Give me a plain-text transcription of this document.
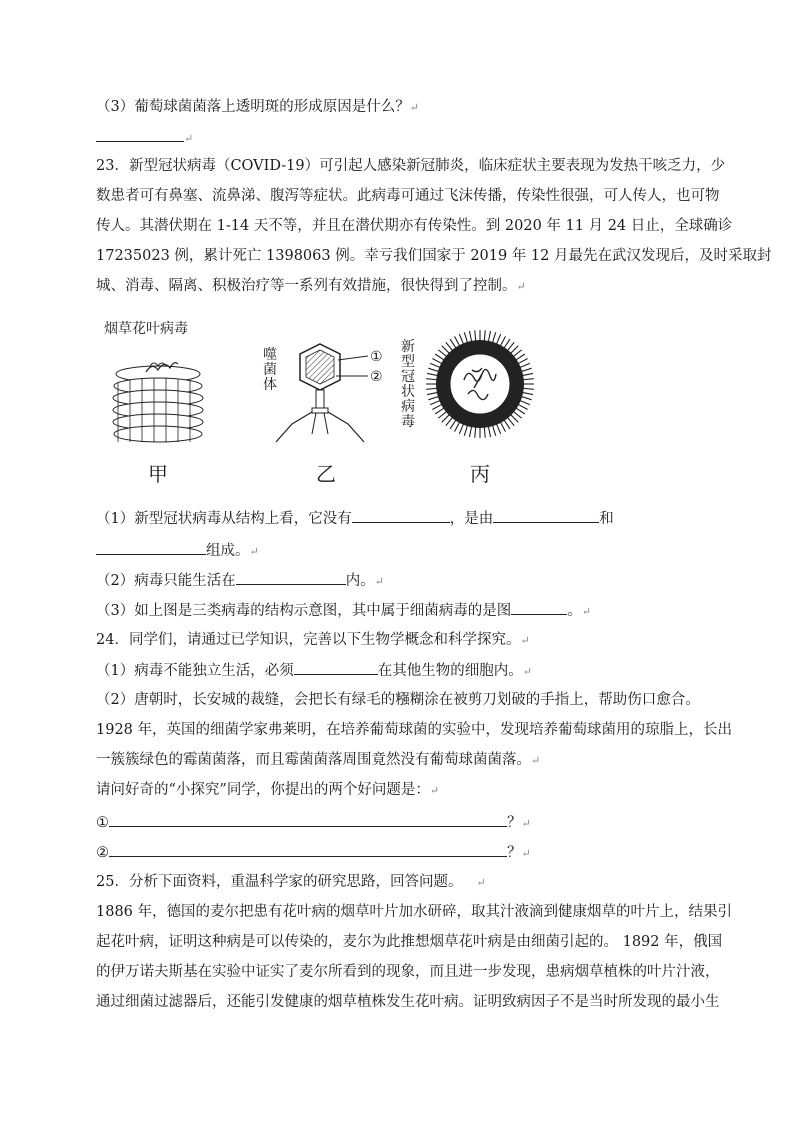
（3）葡萄球菌菌落上透明斑的形成原因是什么？↵
↵
23．新型冠状病毒（COVID-19）可引起人感染新冠肺炎，临床症状主要表现为发热干咳乏力，少
数患者可有鼻塞、流鼻涕、腹泻等症状。此病毒可通过飞沫传播，传染性很强，可人传人，也可物
传人。其潜伏期在 1-14 天不等，并且在潜伏期亦有传染性。到 2020 年 11 月 24 日止，全球确诊
17235023 例，累计死亡 1398063 例。幸亏我们国家于 2019 年 12 月最先在武汉发现后，及时采取封
城、消毒、隔离、积极治疗等一系列有效措施，很快得到了控制。↵
烟草花叶病毒
甲
噬菌体
①
②
乙
新型冠状病毒
丙
（1）新型冠状病毒从结构上看，它没有	，是由	和
组成。↵
（2）病毒只能生活在	内。↵
（3）如上图是三类病毒的结构示意图，其中属于细菌病毒的是图	。↵
24．同学们，请通过已学知识，完善以下生物学概念和科学探究。↵
（1）病毒不能独立生活，必须	在其他生物的细胞内。↵
（2）唐朝时，长安城的裁缝，会把长有绿毛的糨糊涂在被剪刀划破的手指上，帮助伤口愈合。
1928 年，英国的细菌学家弗莱明，在培养葡萄球菌的实验中，发现培养葡萄球菌用的琼脂上，长出
一簇簇绿色的霉菌菌落，而且霉菌菌落周围竟然没有葡萄球菌菌落。↵
请问好奇的“小探究”同学，你提出的两个好问题是：↵
①	？↵
②	？↵
25．分析下面资料，重温科学家的研究思路，回答问题。 ↵
1886 年，德国的麦尔把患有花叶病的烟草叶片加水研碎，取其汁液滴到健康烟草的叶片上，结果引
起花叶病，证明这种病是可以传染的，麦尔为此推想烟草花叶病是由细菌引起的。 1892 年，俄国
的伊万诺夫斯基在实验中证实了麦尔所看到的现象，而且进一步发现，患病烟草植株的叶片汁液，
通过细菌过滤器后，还能引发健康的烟草植株发生花叶病。证明致病因子不是当时所发现的最小生
